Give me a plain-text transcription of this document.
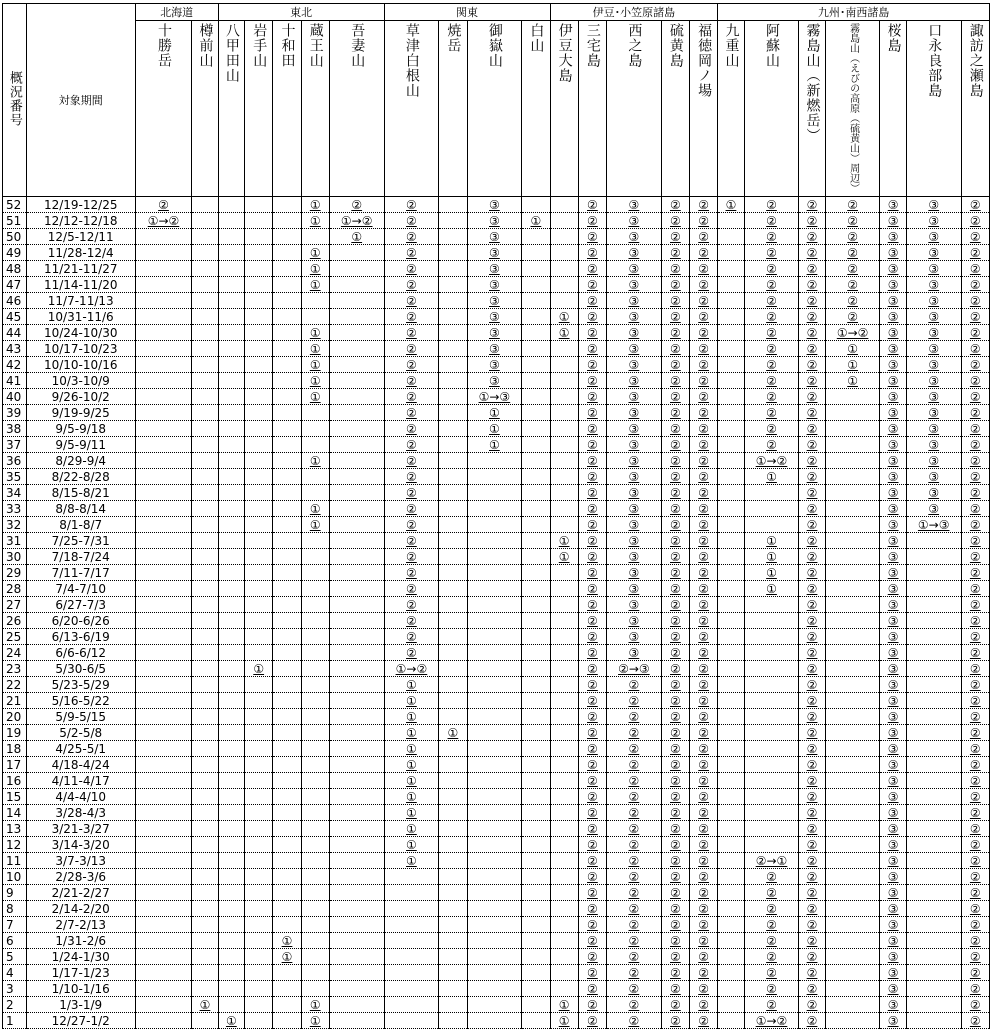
概況番号	対象期間	北海道		東北					関東				伊豆･小笠原諸島					九州･南西諸島						
		十勝岳	樽前山	八甲田山	岩手山	十和田	蔵王山	吾妻山	草津白根山	焼岳	御嶽山	白山	伊豆大島	三宅島	西之島	硫黄島	福徳岡ノ場	九重山	阿蘇山	霧島山（新燃岳）	霧島山（えびの高原（硫黄山）周辺）	桜島	口永良部島	諏訪之瀬島
52	12/19-12/25	②					①	②	②		③			②	③	②	②	①	②	②	②	③	③	②
51	12/12-12/18	①→②					①	①→②	②		③	①		②	③	②	②		②	②	②	③	③	②
50	12/5-12/11							①	②		③			②	③	②	②		②	②	②	③	③	②
49	11/28-12/4						①		②		③			②	③	②	②		②	②	②	③	③	②
48	11/21-11/27						①		②		③			②	③	②	②		②	②	②	③	③	②
47	11/14-11/20						①		②		③			②	③	②	②		②	②	②	③	③	②
46	11/7-11/13								②		③			②	③	②	②		②	②	②	③	③	②
45	10/31-11/6								②		③		①	②	③	②	②		②	②	②	③	③	②
44	10/24-10/30						①		②		③		①	②	③	②	②		②	②	①→②	③	③	②
43	10/17-10/23						①		②		③			②	③	②	②		②	②	①	③	③	②
42	10/10-10/16						①		②		③			②	③	②	②		②	②	①	③	③	②
41	10/3-10/9						①		②		③			②	③	②	②		②	②	①	③	③	②
40	9/26-10/2						①		②		①→③			②	③	②	②		②	②		③	③	②
39	9/19-9/25								②		①			②	③	②	②		②	②		③	③	②
38	9/5-9/18								②		①			②	③	②	②		②	②		③	③	②
37	9/5-9/11								②		①			②	③	②	②		②	②		③	③	②
36	8/29-9/4						①		②					②	③	②	②		①→②	②		③	③	②
35	8/22-8/28								②					②	③	②	②		①	②		③	③	②
34	8/15-8/21								②					②	③	②	②			②		③	③	②
33	8/8-8/14						①		②					②	③	②	②			②		③	③	②
32	8/1-8/7						①		②					②	③	②	②			②		③	①→③	②
31	7/25-7/31								②				①	②	③	②	②		①	②		③		②
30	7/18-7/24								②				①	②	③	②	②		①	②		③		②
29	7/11-7/17								②					②	③	②	②		①	②		③		②
28	7/4-7/10								②					②	③	②	②		①	②		③		②
27	6/27-7/3								②					②	③	②	②			②		③		②
26	6/20-6/26								②					②	③	②	②			②		③		②
25	6/13-6/19								②					②	③	②	②			②		③		②
24	6/6-6/12								②					②	③	②	②			②		③		②
23	5/30-6/5				①				①→②					②	②→③	②	②			②		③		②
22	5/23-5/29								①					②	②	②	②			②		③		②
21	5/16-5/22								①					②	②	②	②			②		③		②
20	5/9-5/15								①					②	②	②	②			②		③		②
19	5/2-5/8								①	①				②	②	②	②			②		③		②
18	4/25-5/1								①					②	②	②	②			②		③		②
17	4/18-4/24								①					②	②	②	②			②		③		②
16	4/11-4/17								①					②	②	②	②			②		③		②
15	4/4-4/10								①					②	②	②	②			②		③		②
14	3/28-4/3								①					②	②	②	②			②		③		②
13	3/21-3/27								①					②	②	②	②			②		③		②
12	3/14-3/20								①					②	②	②	②			②		③		②
11	3/7-3/13								①					②	②	②	②		②→①	②		③		②
10	2/28-3/6													②	②	②	②		②	②		③		②
9	2/21-2/27													②	②	②	②		②	②		③		②
8	2/14-2/20													②	②	②	②		②	②		③		②
7	2/7-2/13													②	②	②	②		②	②		③		②
6	1/31-2/6					①								②	②	②	②		②	②		③		②
5	1/24-1/30					①								②	②	②	②		②	②		③		②
4	1/17-1/23													②	②	②	②		②	②		③		②
3	1/10-1/16													②	②	②	②		②	②		③		②
2	1/3-1/9		①				①						①	②	②	②	②		②	②		③		②
1	12/27-1/2			①			①						①	②	②	②	②		①→②	②		③		②
